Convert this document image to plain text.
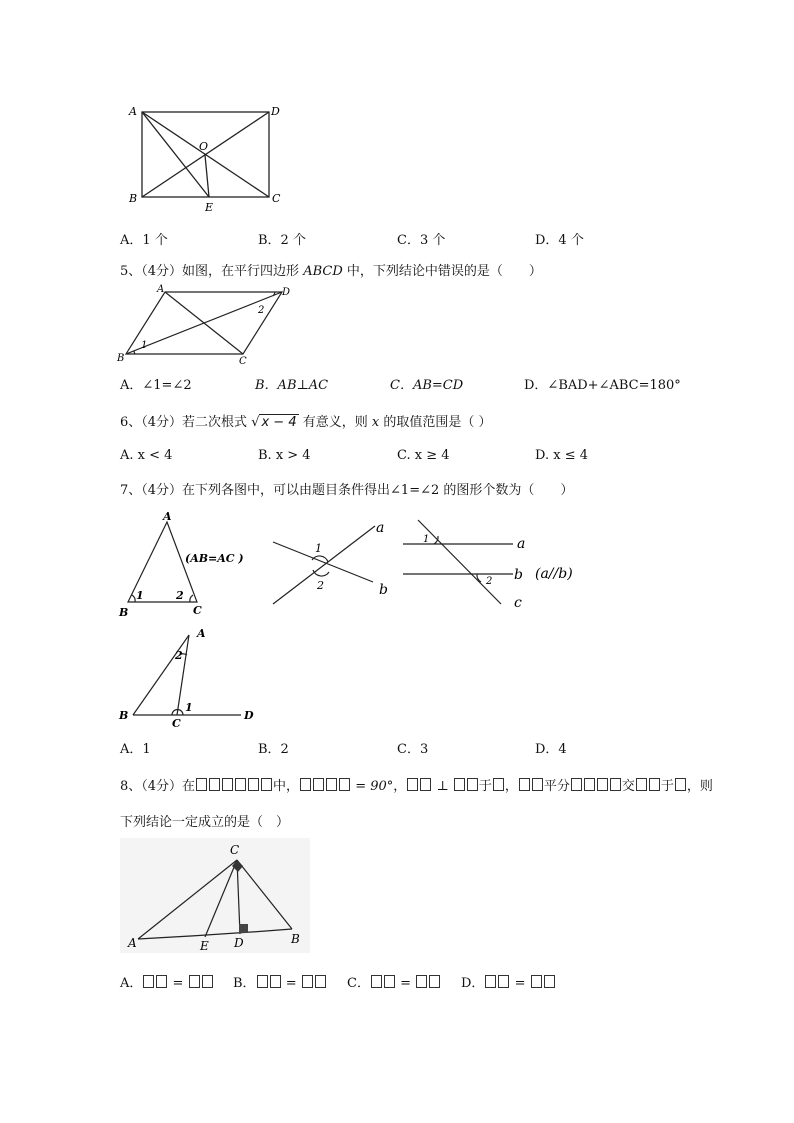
A	D
O
B
E
C
A．1 个	B．2 个	C．3 个	D．4 个
5、（4分）如图，在平行四边形 ABCD 中，下列结论中错误的是（　　）
A	D
B	C
1
2
A．∠1=∠2	B．AB⊥AC	C．AB=CD	D．∠BAD+∠ABC=180°
6、（4分）若二次根式 √ x − 4 有意义，则 x 的取值范围是（ ）
A. x < 4	B. x > 4	C. x ≥ 4	D. x ≤ 4
7、（4分）在下列各图中，可以由题目条件得出∠1=∠2 的图形个数为（　　）
A
B	C
1	2
(AB=AC )
a
b
1
2
a
b
c
1
2	(a//b)
A
B
C
D
1
2
A．1	B．2	C．3	D．4
8、（4分）在	中，	= 90°， ⊥ 于 ， 平分	交 于 ，则
下列结论一定成立的是（　）
C
A	E D	B
A． =	B． =	C． =	D． =
